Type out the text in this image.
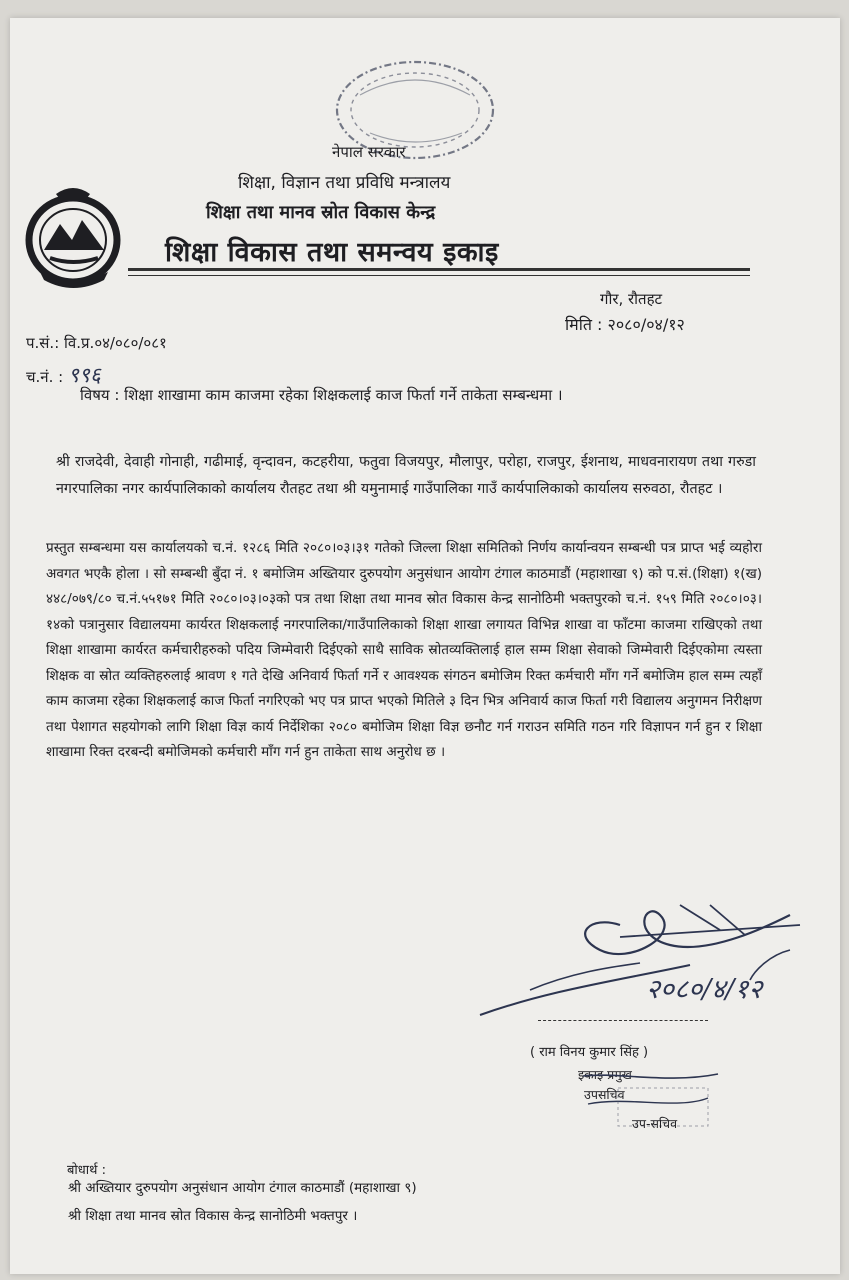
नेपाल सरकार
शिक्षा, विज्ञान तथा प्रविधि मन्त्रालय
शिक्षा तथा मानव स्रोत विकास केन्द्र
शिक्षा विकास तथा समन्वय इकाइ
गौर, रौतहट
मिति : २०८०/०४/१२
प.सं.: वि.प्र.०४/०८०/०८१
च.नं. : ९९६
विषय : शिक्षा शाखामा काम काजमा रहेका शिक्षकलाई काज फिर्ता गर्ने ताकेता सम्बन्धमा ।

श्री राजदेवी, देवाही गोनाही, गढीमाई, वृन्दावन, कटहरीया, फतुवा विजयपुर, मौलापुर, परोहा, राजपुर, ईशनाथ, माधवनारायण तथा गरुडा नगरपालिका नगर कार्यपालिकाको कार्यालय रौतहट तथा श्री यमुनामाई गाउँपालिका गाउँ कार्यपालिकाको कार्यालय सरुवठा, रौतहट ।

प्रस्तुत सम्बन्धमा यस कार्यालयको च.नं. १२८६ मिति २०८०।०३।३१ गतेको जिल्ला शिक्षा समितिको निर्णय कार्यान्वयन सम्बन्धी पत्र प्राप्त भई व्यहोरा अवगत भएकै होला । सो सम्बन्धी बुँदा नं. १ बमोजिम अख्तियार दुरुपयोग अनुसंधान आयोग टंगाल काठमाडौं (महाशाखा ९) को प.सं.(शिक्षा) १(ख) ४४८/०७९/८० च.नं.५५१७१ मिति २०८०।०३।०३को पत्र तथा शिक्षा तथा मानव स्रोत विकास केन्द्र सानोठिमी भक्तपुरको च.नं. १५९ मिति २०८०।०३।१४को पत्रानुसार विद्यालयमा कार्यरत शिक्षकलाई नगरपालिका/गाउँपालिकाको शिक्षा शाखा लगायत विभिन्न शाखा वा फाँटमा काजमा राखिएको तथा शिक्षा शाखामा कार्यरत कर्मचारीहरुको पदिय जिम्मेवारी दिईएको साथै साविक स्रोतव्यक्तिलाई हाल सम्म शिक्षा सेवाको जिम्मेवारी दिईएकोमा त्यस्ता शिक्षक वा स्रोत व्यक्तिहरुलाई श्रावण १ गते देखि अनिवार्य फिर्ता गर्ने र आवश्यक संगठन बमोजिम रिक्त कर्मचारी माँग गर्ने बमोजिम हाल सम्म त्यहाँ काम काजमा रहेका शिक्षकलाई काज फिर्ता नगरिएको भए पत्र प्राप्त भएको मितिले ३ दिन भित्र अनिवार्य काज फिर्ता गरी विद्यालय अनुगमन निरीक्षण तथा पेशागत सहयोगको लागि शिक्षा विज्ञ कार्य निर्देशिका २०८० बमोजिम शिक्षा विज्ञ छनौट गर्न गराउन समिति गठन गरि विज्ञापन गर्न हुन र शिक्षा शाखामा रिक्त दरबन्दी बमोजिमको कर्मचारी माँग गर्न हुन ताकेता साथ अनुरोध छ ।

२०८०/४/१२
( राम विनय कुमार सिंह )
इकाइ प्रमुख
उपसचिव
उप-सचिव
बोधार्थ :
श्री अख्तियार दुरुपयोग अनुसंधान आयोग टंगाल काठमाडौं (महाशाखा ९)
श्री शिक्षा तथा मानव स्रोत विकास केन्द्र सानोठिमी भक्तपुर ।
